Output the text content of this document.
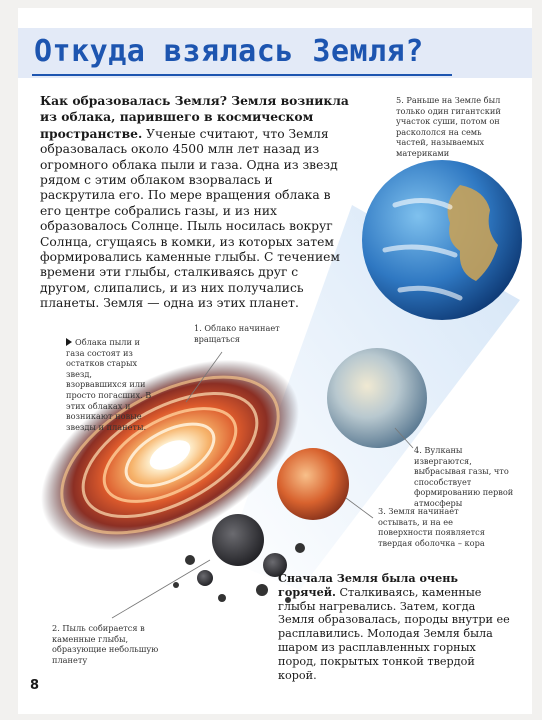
Откуда взялась Земля?
Как образовалась Земля? Земля возникла из облака, парившего в космическом пространстве. Ученые считают, что Земля образовалась около 4500 млн лет назад из огромного облака пыли и газа. Одна из звезд рядом с этим облаком взорвалась и раскрутила его. По мере вращения облака в его центре собрались газы, и из них образовалось Солнце. Пыль носилась вокруг Солнца, сгущаясь в комки, из которых затем формировались каменные глыбы. С течением времени эти глыбы, сталкиваясь друг с другом, слипались, и из них получались планеты. Земля — одна из этих планет.
Облака пыли и газа состоят из остатков старых звезд, взорвавшихся или просто погасших. В этих облаках и возникают новые звезды и планеты.
1. Облако начинает вращаться
2. Пыль собирается в каменные глыбы, образующие небольшую планету
3. Земля начинает остывать, и на ее поверхности появляется твердая оболочка – кора
4. Вулканы извергаются, выбрасывая газы, что способствует формированию первой атмосферы
5. Раньше на Земле был только один гигантский участок суши, потом он раскололся на семь частей, называемых материками
Сначала Земля была очень горячей. Сталкиваясь, каменные глыбы нагревались. Затем, когда Земля образовалась, породы внутри ее расплавились. Молодая Земля была шаром из расплавленных горных пород, покрытых тонкой твердой корой.
8
